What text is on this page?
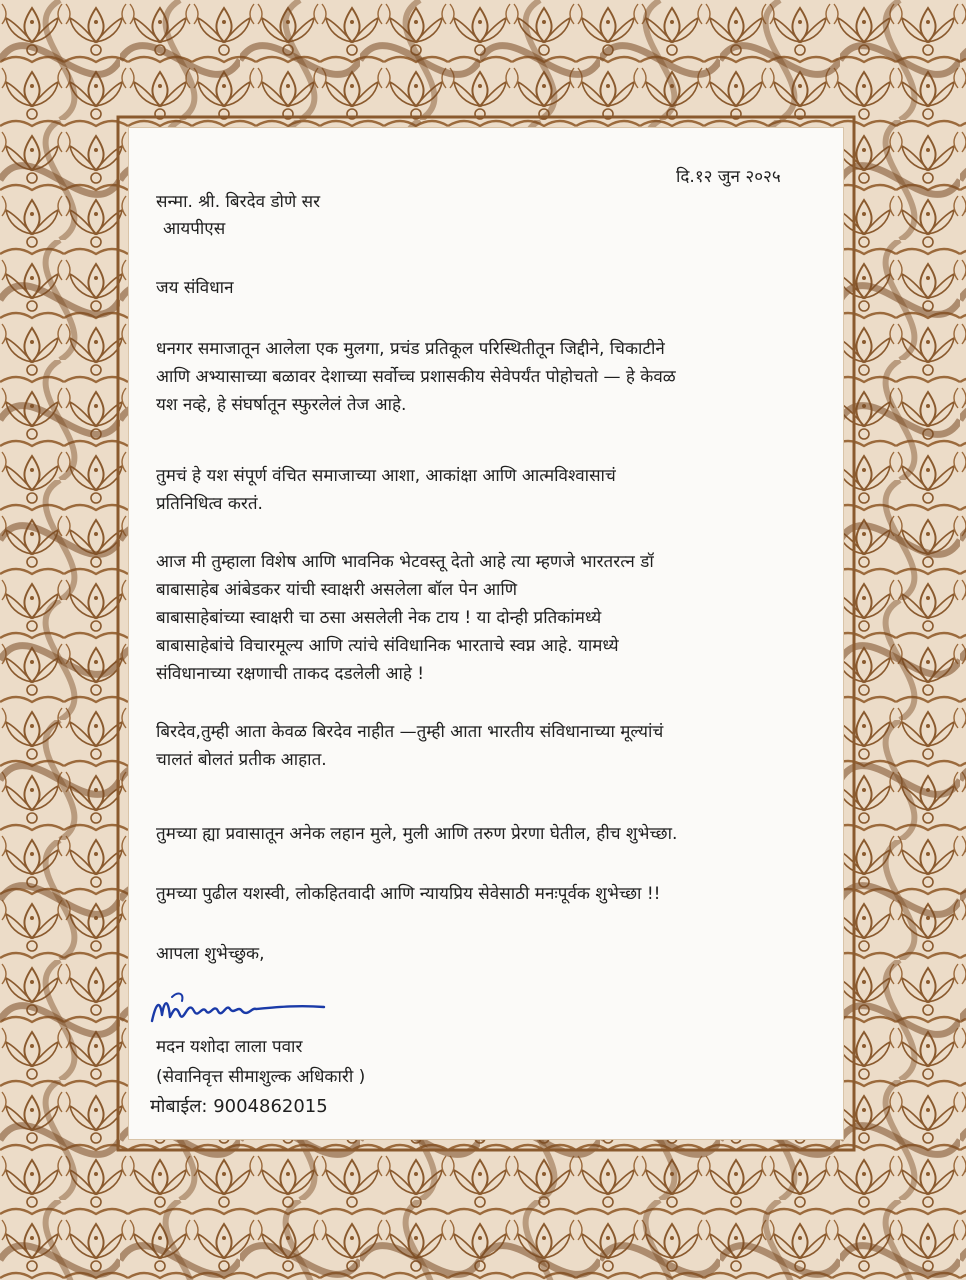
दि.१२ जुन २०२५
सन्मा. श्री. बिरदेव डोणे सर
आयपीएस
जय संविधान
धनगर समाजातून आलेला एक मुलगा, प्रचंड प्रतिकूल परिस्थितीतून जिद्दीने, चिकाटीने
आणि अभ्यासाच्या बळावर देशाच्या सर्वोच्च प्रशासकीय सेवेपर्यंत पोहोचतो — हे केवळ
यश नव्हे, हे संघर्षातून स्फुरलेलं तेज आहे.
तुमचं हे यश संपूर्ण वंचित समाजाच्या आशा, आकांक्षा आणि आत्मविश्वासाचं
प्रतिनिधित्व करतं.
आज मी तुम्हाला विशेष आणि भावनिक भेटवस्तू देतो आहे त्या म्हणजे भारतरत्न डॉ
बाबासाहेब आंबेडकर यांची स्वाक्षरी असलेला बॉल पेन आणि
बाबासाहेबांच्या स्वाक्षरी चा ठसा असलेली नेक टाय ! या दोन्ही प्रतिकांमध्ये
बाबासाहेबांचे विचारमूल्य आणि त्यांचे संविधानिक भारताचे स्वप्न आहे. यामध्ये
संविधानाच्या रक्षणाची ताकद दडलेली आहे !
बिरदेव,तुम्ही आता केवळ बिरदेव नाहीत —तुम्ही आता भारतीय संविधानाच्या मूल्यांचं
चालतं बोलतं प्रतीक आहात.
तुमच्या ह्या प्रवासातून अनेक लहान मुले, मुली आणि तरुण प्रेरणा घेतील, हीच शुभेच्छा.
तुमच्या पुढील यशस्वी, लोकहितवादी आणि न्यायप्रिय सेवेसाठी मनःपूर्वक शुभेच्छा !!
आपला शुभेच्छुक,
मदन यशोदा लाला पवार
(सेवानिवृत्त सीमाशुल्क अधिकारी )
मोबाईल: 9004862015
